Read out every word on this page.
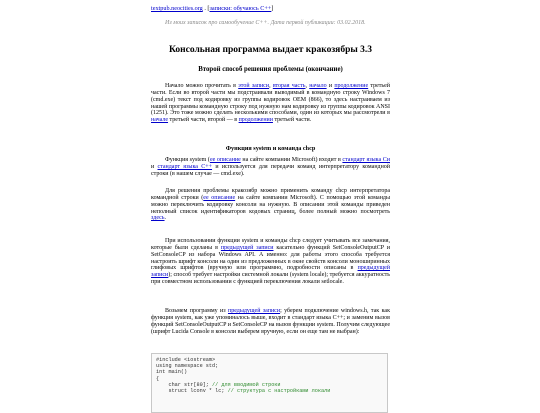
textpub.neocities.org . [записки: обучаюсь C++]
Из моих записок про самообучение C++. Дата первой публикации: 03.02.2018.
Консольная программа выдает кракозябры 3.3
Второй способ решения проблемы (окончание)

Начало можно прочитать в этой записи, вторая часть, начало и продолжение третьей части. Если во второй части мы подстраивали выводимый в командную строку Windows 7 (cmd.exe) текст под кодировку из группы кодировок OEM (866), то здесь настраиваем из нашей программы командную строку под нужную нам кодировку из группы кодировок ANSI (1251). Это тоже можно сделать несколькими способами, один из которых мы рассмотрели в начале третьей части, второй — в продолжении третьей части.

Функция system и команда chcp

Функция system (ее описание на сайте компании Microsoft) входит в стандарт языка Си и стандарт языка C++ и используется для передачи команд интерпретатору командной строки (в нашем случае — cmd.exe).

Для решения проблемы кракозябр можно применить команду chcp интерпретатора командной строки (ее описание на сайте компании Microsoft). С помощью этой команды можно переключить кодировку консоли на нужную. В описании этой команды приведен неполный список идентификаторов кодовых страниц, более полный можно посмотреть здесь.

При использовании функции system и команды chcp следует учитывать все замечания, которые были сделаны в предыдущей записи касательно функций SetConsoleOutputCP и SetConsoleCP из набора Windows API. А именно: для работы этого способа требуется настроить шрифт консоли на один из предложенных в окне свойств консоли моноширинных глифовых шрифтов (вручную или программно, подробности описаны в предыдущей записи); способ требует настройки системной локали (system locale); требуется аккуратность при совместном использовании с функцией переключения локали setlocale.

Возьмем программу из предыдущей записи; уберем подключение windows.h, так как функция system, как уже упоминалось выше, входит в стандарт языка C++; и заменим вызов функций SetConsoleOutputCP и SetConsoleCP на вызов функции system. Получим следующее (шрифт Lucida Console в консоли выберем вручную, если он еще там не выбран):

#include <iostream>
using namespace std;
int main()
{
char str[80]; // для вводимой строки
struct lconv * lc; // структура с настройками локали
